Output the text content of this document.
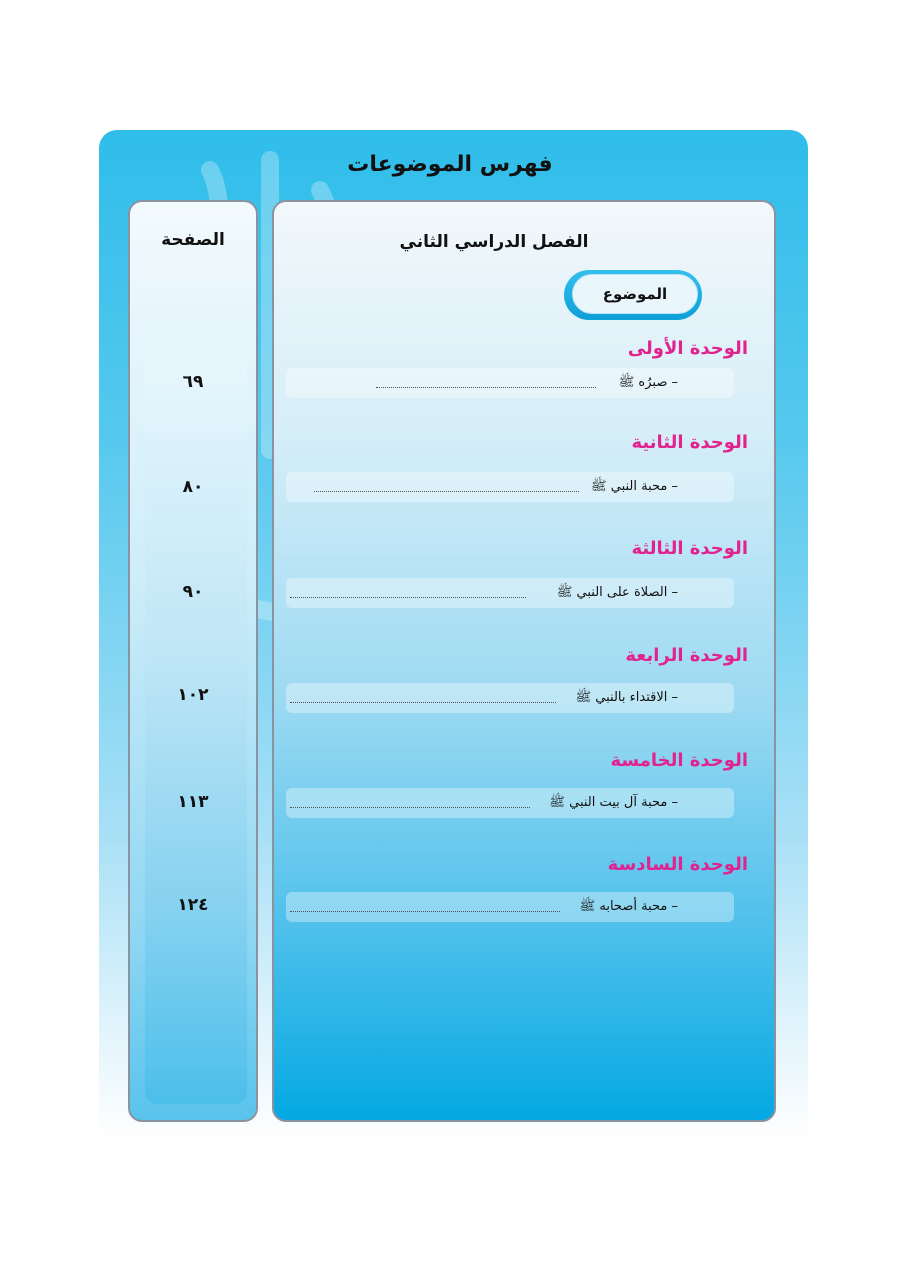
فهرس الموضوعات
الصفحة
٦٩
٨٠
٩٠
١٠٢
١١٣
١٢٤
الفصل الدراسي الثاني
الموضوع
الوحدة الأولى
– صبرُه ﷺ
الوحدة الثانية
– محبة النبي ﷺ
الوحدة الثالثة
– الصلاة على النبي ﷺ
الوحدة الرابعة
– الاقتداء بالنبي ﷺ
الوحدة الخامسة
– محبة آل بيت النبي ﷺ
الوحدة السادسة
– محبة أصحابه ﷺ
